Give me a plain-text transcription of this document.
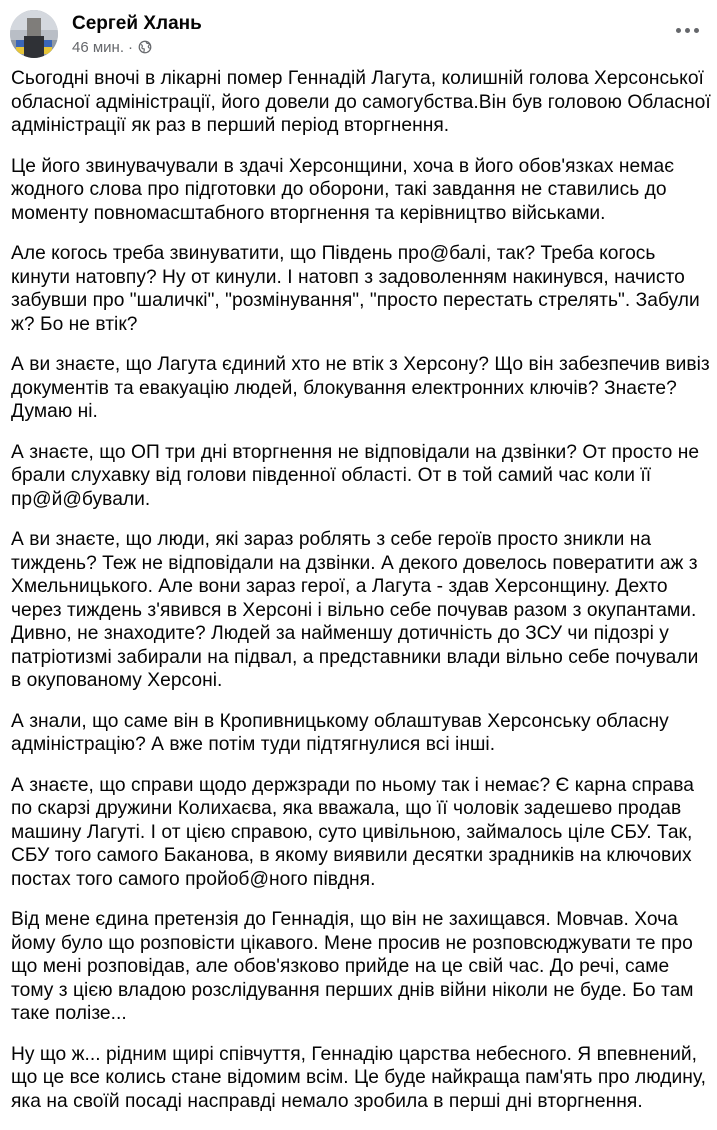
Сергей Хлань
46 мин. ·

Сьогодні вночі в лікарні помер Геннадій Лагута, колишній голова Херсонської обласної адміністрації, його довели до самогубства.Він був головою Обласної адміністрації як раз в перший період вторгнення.

Це його звинувачували в здачі Херсонщини, хоча в його обов'язках немає жодного слова про підготовки до оборони, такі завдання не ставились до моменту повномасштабного вторгнення та керівництво військами.

Але когось треба звинуватити, що Південь про@балі, так? Треба когось кинути натовпу? Ну от кинули. І натовп з задоволенням накинувся, начисто забувши про "шаличкі", "розмінування", "просто перестать стрелять". Забули ж? Бо не втік?

А ви знаєте, що Лагута єдиний хто не втік з Херсону? Що він забезпечив вивіз документів та евакуацію людей, блокування електронних ключів? Знаєте? Думаю ні.

А знаєте, що ОП три дні вторгнення не відповідали на дзвінки? От просто не брали слухавку від голови південної області. От в той самий час коли її пр@й@бували.

А ви знаєте, що люди, які зараз роблять з себе героїв просто зникли на тиждень? Теж не відповідали на дзвінки. А декого довелось повератити аж з Хмельницького. Але вони зараз герої, а Лагута - здав Херсонщину. Дехто через тиждень з'явився в Херсоні і вільно себе почував разом з окупантами. Дивно, не знаходите? Людей за найменшу дотичність до ЗСУ чи підозрі у патріотизмі забирали на підвал, а представники влади вільно себе почували в окупованому Херсоні.

А знали, що саме він в Кропивницькому облаштував Херсонську обласну адміністрацію? А вже потім туди підтягнулися всі інші.

А знаєте, що справи щодо держзради по ньому так і немає? Є карна справа по скарзі дружини Колихаєва, яка вважала, що її чоловік задешево продав машину Лагуті. І от цією справою, суто цивільною, займалось ціле СБУ. Так, СБУ того самого Баканова, в якому виявили десятки зрадників на ключових постах того самого пройоб@ного півдня.

Від мене єдина претензія до Геннадія, що він не захищався. Мовчав. Хоча йому було що розповісти цікавого. Мене просив не розповсюджувати те про що мені розповідав, але обов'язково прийде на це свій час. До речі, саме тому з цією владою розслідування перших днів війни ніколи не буде. Бо там таке полізе...

Ну що ж... рідним щирі співчуття, Геннадію царства небесного. Я впевнений, що це все колись стане відомим всім. Це буде найкраща пам'ять про людину, яка на своїй посаді насправді немало зробила в перші дні вторгнення.
